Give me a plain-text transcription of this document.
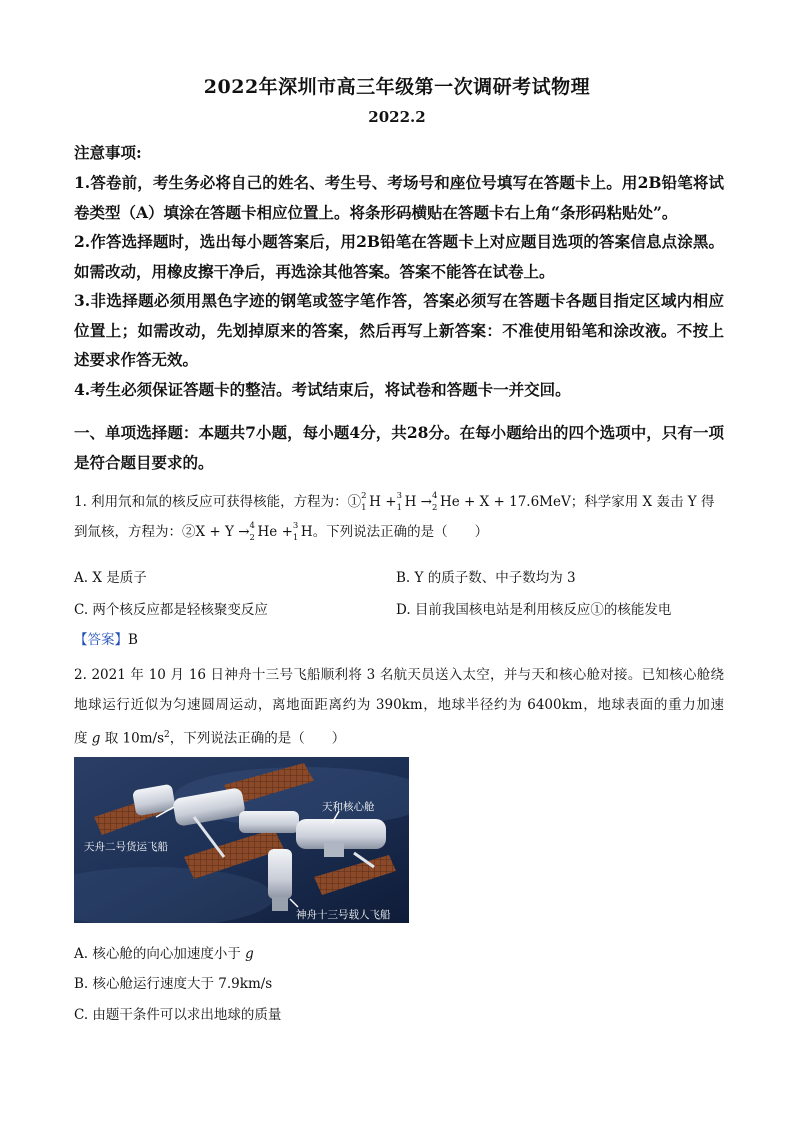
2022年深圳市高三年级第一次调研考试物理
2022.2
注意事项:

1.答卷前，考生务必将自己的姓名、考生号、考场号和座位号填写在答题卡上。用2B铅笔将试卷类型（A）填涂在答题卡相应位置上。将条形码横贴在答题卡右上角“条形码粘贴处”。

2.作答选择题时，选出每小题答案后，用2B铅笔在答题卡上对应题目选项的答案信息点涂黑。如需改动，用橡皮擦干净后，再选涂其他答案。答案不能答在试卷上。

3.非选择题必须用黑色字迹的钢笔或签字笔作答，答案必须写在答题卡各题目指定区域内相应位置上；如需改动，先划掉原来的答案，然后再写上新答案：不准使用铅笔和涂改液。不按上述要求作答无效。

4.考生必须保证答题卡的整洁。考试结束后，将试卷和答题卡一并交回。

一、单项选择题：本题共7小题，每小题4分，共28分。在每小题给出的四个选项中，只有一项是符合题目要求的。

1. 利用氘和氚的核反应可获得核能，方程为：① 2
1 H + 3
1 H → 4
2 He + X + 17.6MeV；科学家用 X 轰击 Y 得

到氚核，方程为：②X + Y → 4
2 He + 3
1 H。下列说法正确的是（　　）

A. X 是质子	B. Y 的质子数、中子数均为 3
C. 两个核反应都是轻核聚变反应	D. 目前我国核电站是利用核反应①的核能发电
【答案】B

2. 2021 年 10 月 16 日神舟十三号飞船顺利将 3 名航天员送入太空，并与天和核心舱对接。已知核心舱绕地球运行近似为匀速圆周运动，离地面距离约为 390km，地球半径约为 6400km，地球表面的重力加速度 g 取 $10m/s^2$，下列说法正确的是（　　）

天和核心舱
天舟二号货运飞船
神舟十三号载人飞船
A. 核心舱的向心加速度小于 g
B. 核心舱运行速度大于 7.9km/s
C. 由题干条件可以求出地球的质量
